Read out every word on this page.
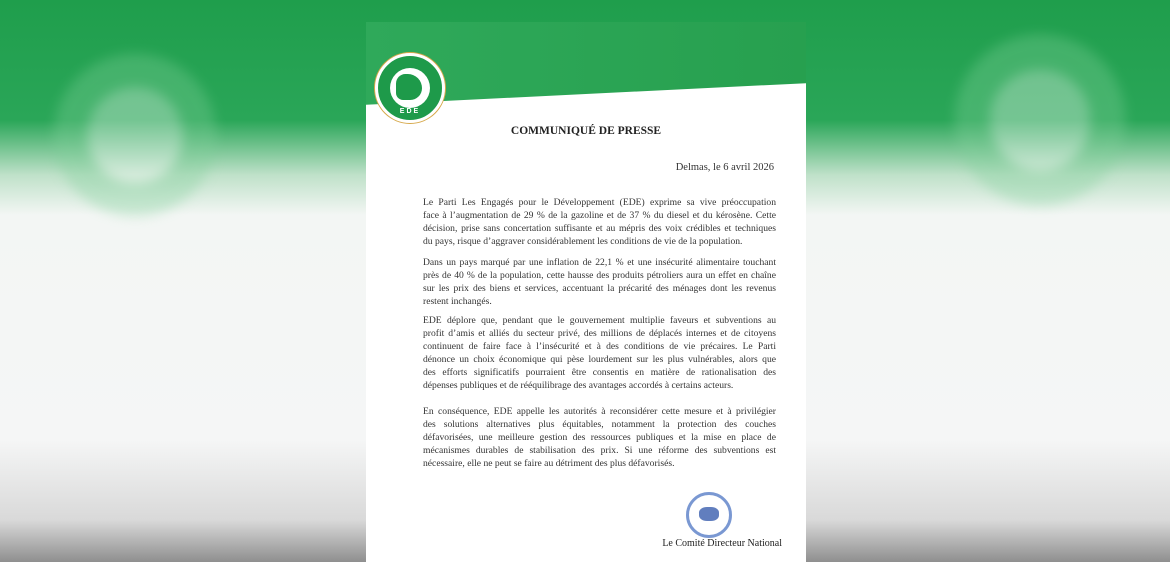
EDE
COMMUNIQUÉ DE PRESSE
Delmas, le 6 avril 2026
Le Parti Les Engagés pour le Développement (EDE) exprime sa vive préoccupation
face à l’augmentation de 29 % de la gazoline et de 37 % du diesel et du kérosène. Cette
décision, prise sans concertation suffisante et au mépris des voix crédibles et techniques
du pays, risque d’aggraver considérablement les conditions de vie de la population.
Dans un pays marqué par une inflation de 22,1 % et une insécurité alimentaire touchant
près de 40 % de la population, cette hausse des produits pétroliers aura un effet en chaîne
sur les prix des biens et services, accentuant la précarité des ménages dont les revenus
restent inchangés.
EDE déplore que, pendant que le gouvernement multiplie faveurs et subventions au
profit d’amis et alliés du secteur privé, des millions de déplacés internes et de citoyens
continuent de faire face à l’insécurité et à des conditions de vie précaires. Le Parti
dénonce un choix économique qui pèse lourdement sur les plus vulnérables, alors que
des efforts significatifs pourraient être consentis en matière de rationalisation des
dépenses publiques et de rééquilibrage des avantages accordés à certains acteurs.
En conséquence, EDE appelle les autorités à reconsidérer cette mesure et à privilégier
des solutions alternatives plus équitables, notamment la protection des couches
défavorisées, une meilleure gestion des ressources publiques et la mise en place de
mécanismes durables de stabilisation des prix. Si une réforme des subventions est
nécessaire, elle ne peut se faire au détriment des plus défavorisés.
Le Comité Directeur National
